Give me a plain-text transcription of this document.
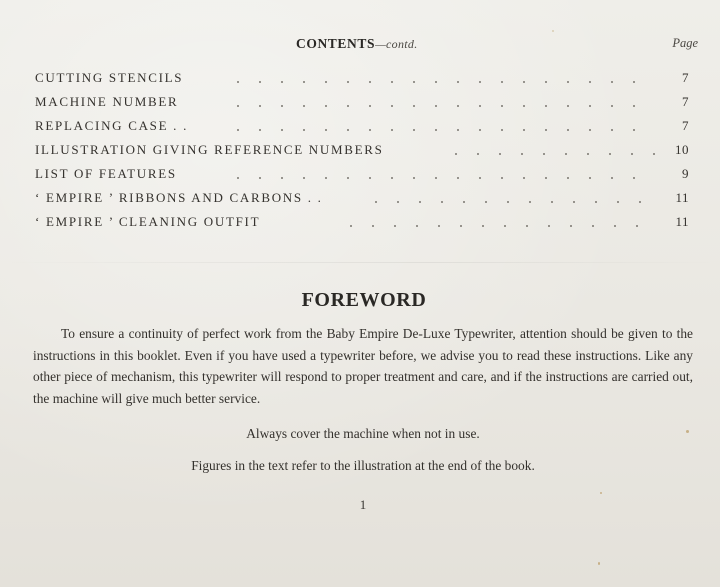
CONTENTS—contd.	Page
CUTTING STENCILS	7
MACHINE NUMBER	7
REPLACING CASE . .	7
ILLUSTRATION GIVING REFERENCE NUMBERS	10
LIST OF FEATURES	9
‘ EMPIRE ’ RIBBONS AND CARBONS . .	11
‘ EMPIRE ’ CLEANING OUTFIT	11
FOREWORD

To ensure a continuity of perfect work from the Baby Empire De-Luxe Typewriter, attention should be given to the instructions in this booklet. Even if you have used a typewriter before, we advise you to read these instructions. Like any other piece of mechanism, this typewriter will respond to proper treatment and care, and if the instructions are carried out, the machine will give much better service.

Always cover the machine when not in use.
Figures in the text refer to the illustration at the end of the book.
1
